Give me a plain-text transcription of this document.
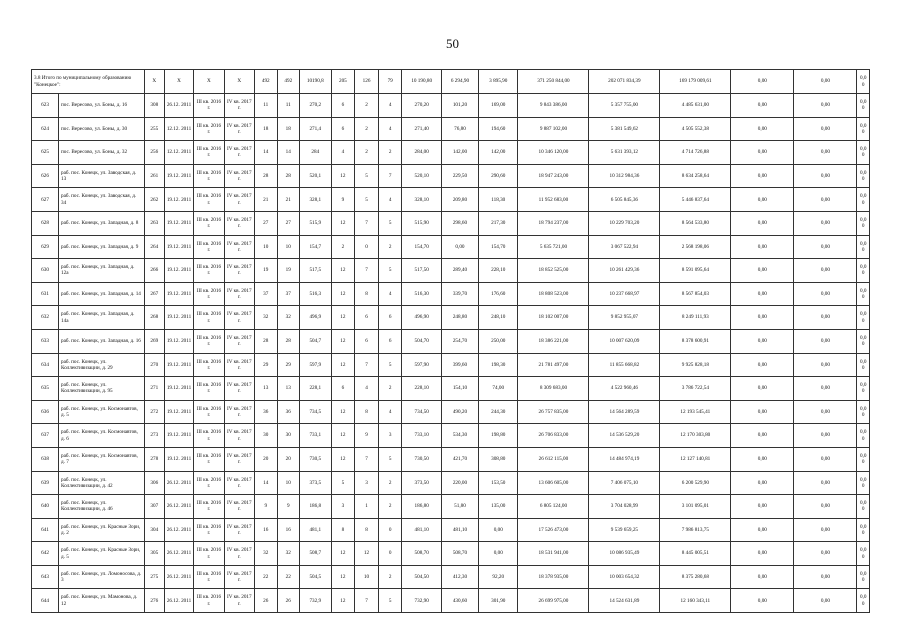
50
3.8 Итого по муниципальному образованию "Конецкое":		X	X	X	X	492	492	10190,8	205	126	79	10 190,80	6 294,90	3 895,90	371 250 844,00	202 071 834,39	169 179 009,61	0,00	0,00	0,0 0
623	пос. Вересово, ул. Боны, д. 16	308	26.12. 2011	III кв. 2016 г.	IV кв. 2017 г.	11	11	270,2	6	2	4	270,20	101,20	169,00	9 843 386,00	5 357 755,00	4 485 631,00	0,00	0,00	0,0 0
624	пос. Вересово, ул. Боны, д. 30	255	12.12. 2011	III кв. 2016 г.	IV кв. 2017 г.	18	18	271,4	6	2	4	271,40	76,80	194,60	9 887 102,00	5 381 549,62	4 505 552,38	0,00	0,00	0,0 0
625	пос. Вересово, ул. Боны, д. 32	256	12.12. 2011	III кв. 2016 г.	IV кв. 2017 г.	14	14	284	4	2	2	284,00	142,00	142,00	10 346 120,00	5 631 393,12	4 714 726,88	0,00	0,00	0,0 0
626	раб. пос. Конецк, ул. Заводская, д. 13	261	19.12. 2011	III кв. 2016 г.	IV кв. 2017 г.	28	28	520,1	12	5	7	520,10	229,50	290,60	18 947 243,00	10 312 984,36	8 634 258,64	0,00	0,00	0,0 0
627	раб. пос. Конецк, ул. Заводская, д. 34	262	19.12. 2011	III кв. 2016 г.	IV кв. 2017 г.	21	21	328,1	9	5	4	328,10	209,80	118,30	11 952 683,00	6 505 845,36	5 446 837,64	0,00	0,00	0,0 0
628	раб. пос. Конецк, ул. Западная, д. 8	263	19.12. 2011	III кв. 2016 г.	IV кв. 2017 г.	27	27	515,9	12	7	5	515,90	298,60	217,30	18 794 237,00	10 229 703,20	8 564 533,80	0,00	0,00	0,0 0
629	раб. пос. Конецк, ул. Западная, д. 9	264	19.12. 2011	III кв. 2016 г.	IV кв. 2017 г.	10	10	154,7	2	0	2	154,70	0,00	154,70	5 635 721,00	3 067 522,94	2 568 198,06	0,00	0,00	0,0 0
630	раб. пос. Конецк, ул. Западная, д. 12а	266	19.12. 2011	III кв. 2016 г.	IV кв. 2017 г.	19	19	517,5	12	7	5	517,50	289,40	228,10	18 852 525,00	10 261 429,36	8 591 095,64	0,00	0,00	0,0 0
631	раб. пос. Конецк, ул. Западная, д. 14	267	19.12. 2011	III кв. 2016 г.	IV кв. 2017 г.	37	37	516,3	12	8	4	516,30	339,70	176,60	18 808 523,00	10 237 668,97	8 567 854,03	0,00	0,00	0,0 0
632	раб. пос. Конецк, ул. Западная, д. 14а	268	19.12. 2011	III кв. 2016 г.	IV кв. 2017 г.	32	32	496,9	12	6	6	496,90	248,80	248,10	18 102 007,00	9 852 955,07	8 249 111,93	0,00	0,00	0,0 0
633	раб. пос. Конецк, ул. Западная, д. 16	269	19.12. 2011	III кв. 2016 г.	IV кв. 2017 г.	28	28	504,7	12	6	6	504,70	254,70	250,00	18 386 221,00	10 007 620,09	8 378 600,91	0,00	0,00	0,0 0
634	раб. пос. Конецк, ул. Коллективизации, д. 29	270	19.12. 2011	III кв. 2016 г.	IV кв. 2017 г.	29	29	597,9	12	7	5	597,90	399,60	198,30	21 781 497,00	11 855 668,82	9 925 828,18	0,00	0,00	0,0 0
635	раб. пос. Конецк, ул. Коллективизации, д. 95	271	19.12. 2011	III кв. 2016 г.	IV кв. 2017 г.	13	13	228,1	6	4	2	228,10	154,10	74,00	8 309 683,00	4 522 960,46	3 786 722,54	0,00	0,00	0,0 0
636	раб. пос. Конецк, ул. Космонавтов, д. 5	272	19.12. 2011	III кв. 2016 г.	IV кв. 2017 г.	36	36	734,5	12	8	4	734,50	490,20	244,30	26 757 835,00	14 564 289,59	12 193 545,41	0,00	0,00	0,0 0
637	раб. пос. Конецк, ул. Космонавтов, д. 6	273	19.12. 2011	III кв. 2016 г.	IV кв. 2017 г.	30	30	733,1	12	9	3	733,10	534,30	198,80	26 706 833,00	14 536 529,20	12 170 303,80	0,00	0,00	0,0 0
638	раб. пос. Конецк, ул. Космонавтов, д. 7	278	19.12. 2011	III кв. 2016 г.	IV кв. 2017 г.	20	20	730,5	12	7	5	730,50	421,70	308,80	26 612 115,00	14 484 974,19	12 127 140,81	0,00	0,00	0,0 0
639	раб. пос. Конецк, ул. Коллективизации, д. 42	306	26.12. 2011	III кв. 2016 г.	IV кв. 2017 г.	14	10	373,5	5	3	2	373,50	220,00	153,50	13 606 605,00	7 406 075,10	6 200 529,90	0,00	0,00	0,0 0
640	раб. пос. Конецк, ул. Коллективизации, д. 46	307	26.12. 2011	III кв. 2016 г.	IV кв. 2017 г.	9	9	186,8	3	1	2	186,80	51,80	135,00	6 805 124,00	3 704 028,99	3 101 095,01	0,00	0,00	0,0 0
641	раб. пос. Конецк, ул. Красные Зори, д. 2	304	26.12. 2011	III кв. 2016 г.	IV кв. 2017 г.	16	16	481,1	8	8	0	481,10	481,10	0,00	17 526 473,00	9 539 659,25	7 986 813,75	0,00	0,00	0,0 0
642	раб. пос. Конецк, ул. Красные Зори, д. 5	305	26.12. 2011	III кв. 2016 г.	IV кв. 2017 г.	32	32	508,7	12	12	0	508,70	508,70	0,00	18 531 941,00	10 086 935,49	8 445 005,51	0,00	0,00	0,0 0
643	раб. пос. Конецк, ул. Ломоносова, д. 3	275	26.12. 2011	III кв. 2016 г.	IV кв. 2017 г.	22	22	504,5	12	10	2	504,50	412,30	92,20	18 378 935,00	10 003 654,32	8 375 280,68	0,00	0,00	0,0 0
644	раб. пос. Конецк, ул. Мамонова, д. 12	276	26.12. 2011	III кв. 2016 г.	IV кв. 2017 г.	26	26	732,9	12	7	5	732,90	430,60	301,90	26 699 975,00	14 524 631,89	12 160 343,11	0,00	0,00	0,0 0
